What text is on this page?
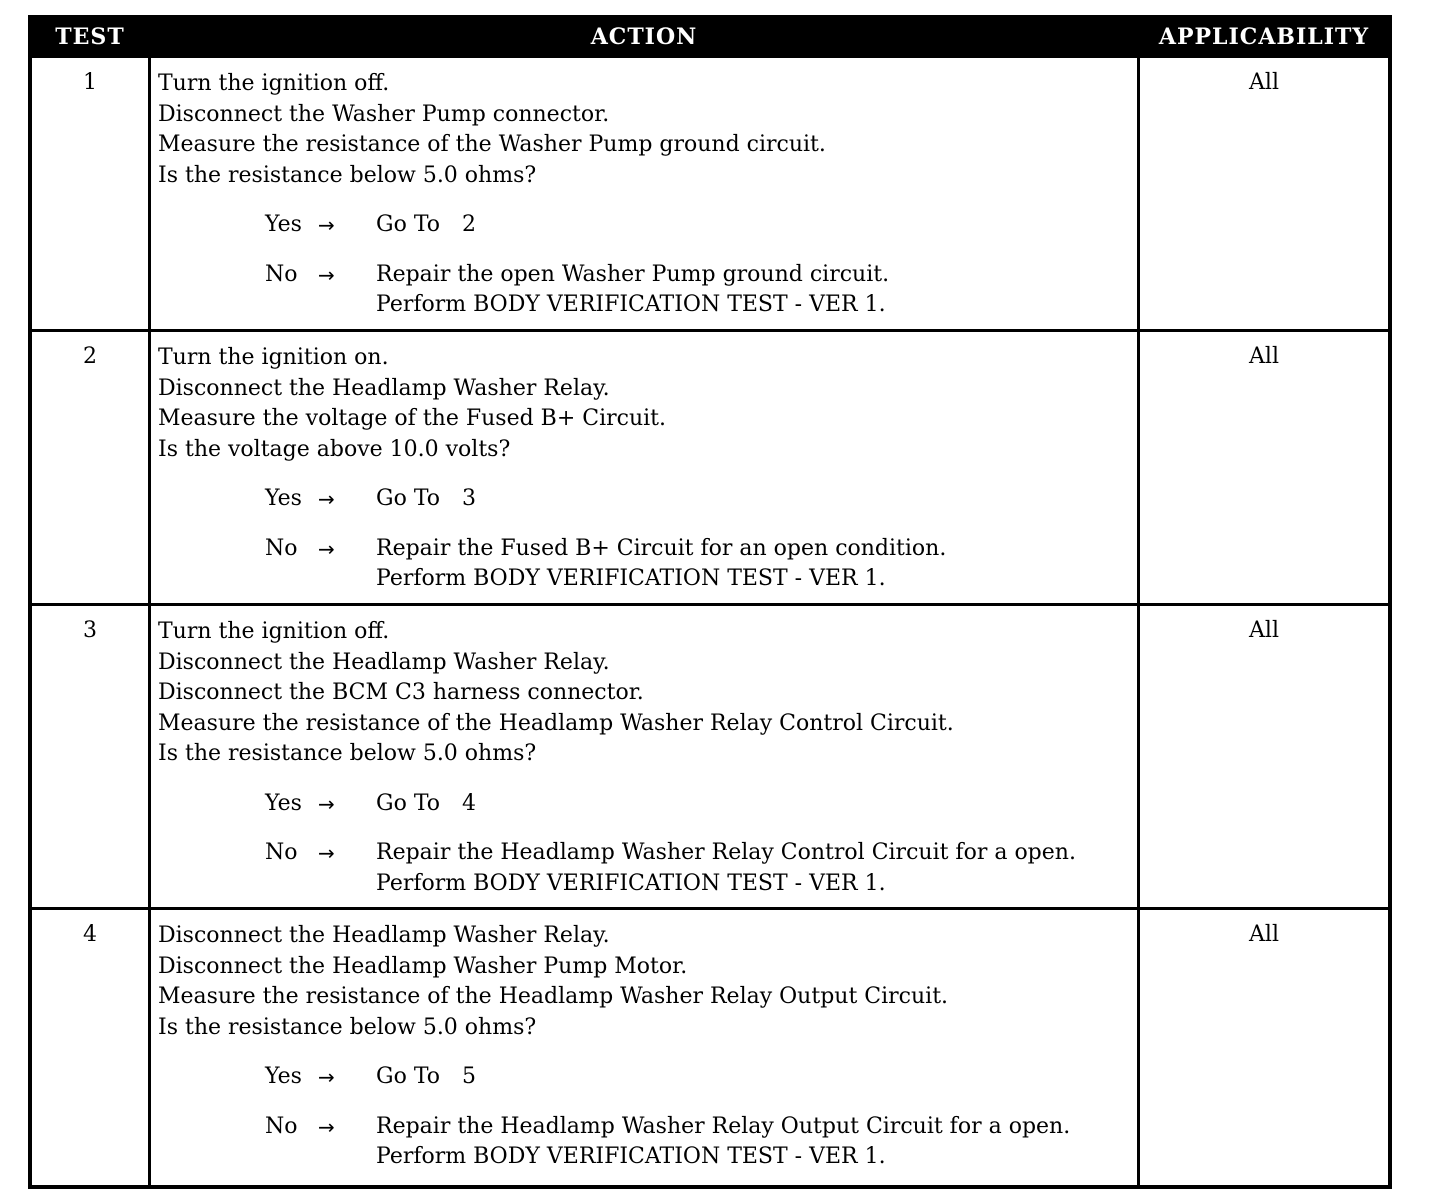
TEST	ACTION	APPLICABILITY
1	Turn the ignition off.
Disconnect the Washer Pump connector.
Measure the resistance of the Washer Pump ground circuit.
Is the resistance below 5.0 ohms?
Yes →	Go To 2
No	→	Repair the open Washer Pump ground circuit.
Perform BODY VERIFICATION TEST - VER 1.
All
2	Turn the ignition on.
Disconnect the Headlamp Washer Relay.
Measure the voltage of the Fused B+ Circuit.
Is the voltage above 10.0 volts?
Yes →	Go To 3
No	→	Repair the Fused B+ Circuit for an open condition.
Perform BODY VERIFICATION TEST - VER 1.
All
3	Turn the ignition off.
Disconnect the Headlamp Washer Relay.
Disconnect the BCM C3 harness connector.
Measure the resistance of the Headlamp Washer Relay Control Circuit.
Is the resistance below 5.0 ohms?
Yes →	Go To 4
No	→	Repair the Headlamp Washer Relay Control Circuit for a open.
Perform BODY VERIFICATION TEST - VER 1.
All
4	Disconnect the Headlamp Washer Relay.
Disconnect the Headlamp Washer Pump Motor.
Measure the resistance of the Headlamp Washer Relay Output Circuit.
Is the resistance below 5.0 ohms?
Yes →	Go To 5
No	→	Repair the Headlamp Washer Relay Output Circuit for a open.
Perform BODY VERIFICATION TEST - VER 1.
All
